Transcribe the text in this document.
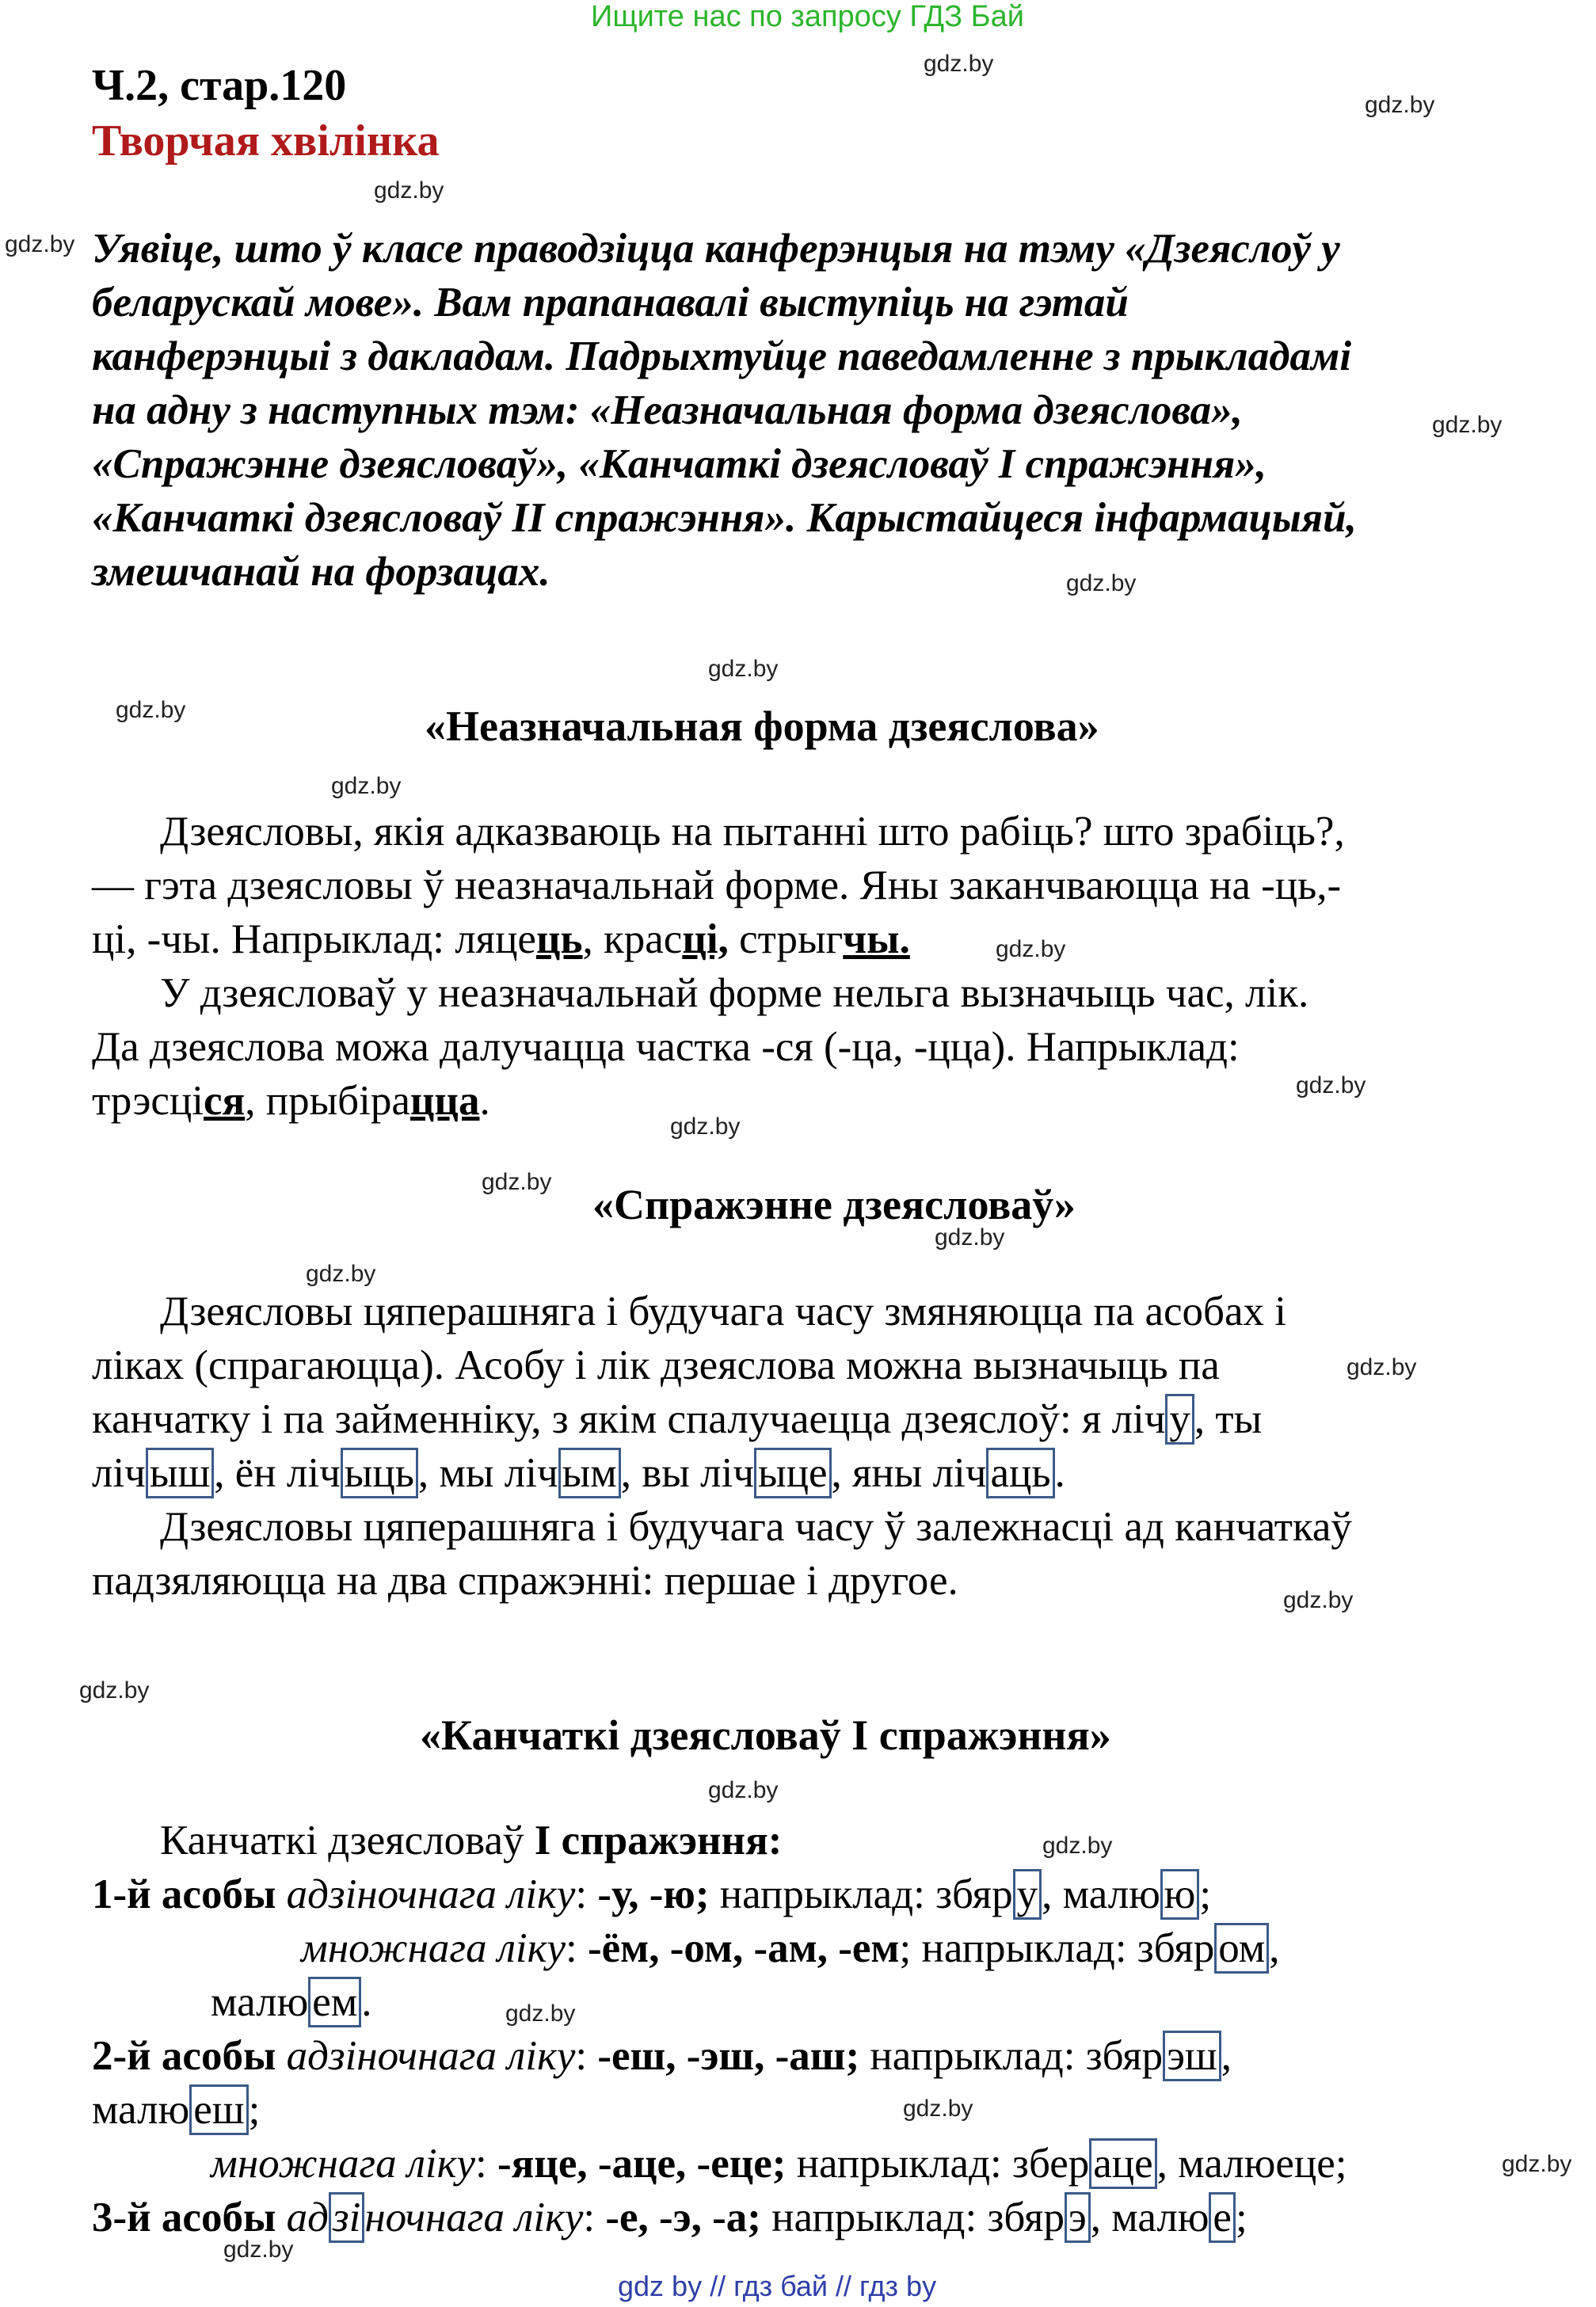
Ищите нас по запросу ГДЗ Бай
gdz by // гдз бай // гдз by
gdz.by
gdz.by
gdz.by
gdz.by
gdz.by
gdz.by
gdz.by
gdz.by
gdz.by
gdz.by
gdz.by
gdz.by
gdz.by
gdz.by
gdz.by
gdz.by
gdz.by
gdz.by
gdz.by
gdz.by
gdz.by
gdz.by
gdz.by
gdz.by
Ч.2, стар.120
Творчая хвілінка
Уявіце, што ў класе праводзіцца канферэнцыя на тэму «Дзеяслоў у
беларускай мове». Вам прапанавалі выступіць на гэтай
канферэнцыі з дакладам. Падрыхтуйце паведамленне з прыкладамі
на адну з наступных тэм: «Неазначальная форма дзеяслова»,
«Спражэнне дзеясловаў», «Канчаткі дзеясловаў I спражэння»,
«Канчаткі дзеясловаў II спражэння». Карыстайцеся інфармацыяй,
змешчанай на форзацах.
«Неазначальная форма дзеяслова»
Дзеясловы, якія адказваюць на пытанні што рабіць? што зрабіць?,
— гэта дзеясловы ў неазначальнай форме. Яны заканчваюцца на -ць,-
ці, -чы. Напрыклад: ляцець, красці, стрыгчы.
У дзеясловаў у неазначальнай форме нельга вызначыць час, лік.
Да дзеяслова можа далучацца частка -ся (-ца, -цца). Напрыклад:
трэсціся, прыбірацца.
«Спражэнне дзеясловаў»
Дзеясловы цяперашняга і будучага часу змяняюцца па асобах і
ліках (спрагаюцца). Асобу і лік дзеяслова можна вызначыць па
канчатку і па займенніку, з якім спалучаецца дзеяслоў: я лічу, ты
лічыш, ён лічыць, мы лічым, вы лічыце, яны лічаць.
Дзеясловы цяперашняга і будучага часу ў залежнасці ад канчаткаў
падзяляюцца на два спражэнні: першае і другое.
«Канчаткі дзеясловаў I спражэння»
Канчаткі дзеясловаў I спражэння:
1-й асобы адзіночнага ліку: -у, -ю; напрыклад: збяру, малюю;
множнага ліку: -ём, -ом, -ам, -ем; напрыклад: збяром,
малюем.
2-й асобы адзіночнага ліку: -еш, -эш, -аш; напрыклад: збярэш,
малюеш;
множнага ліку: -яце, -аце, -еце; напрыклад: збераце, малюеце;
3-й асобы адзіночнага ліку: -е, -э, -а; напрыклад: збярэ, малюе;
